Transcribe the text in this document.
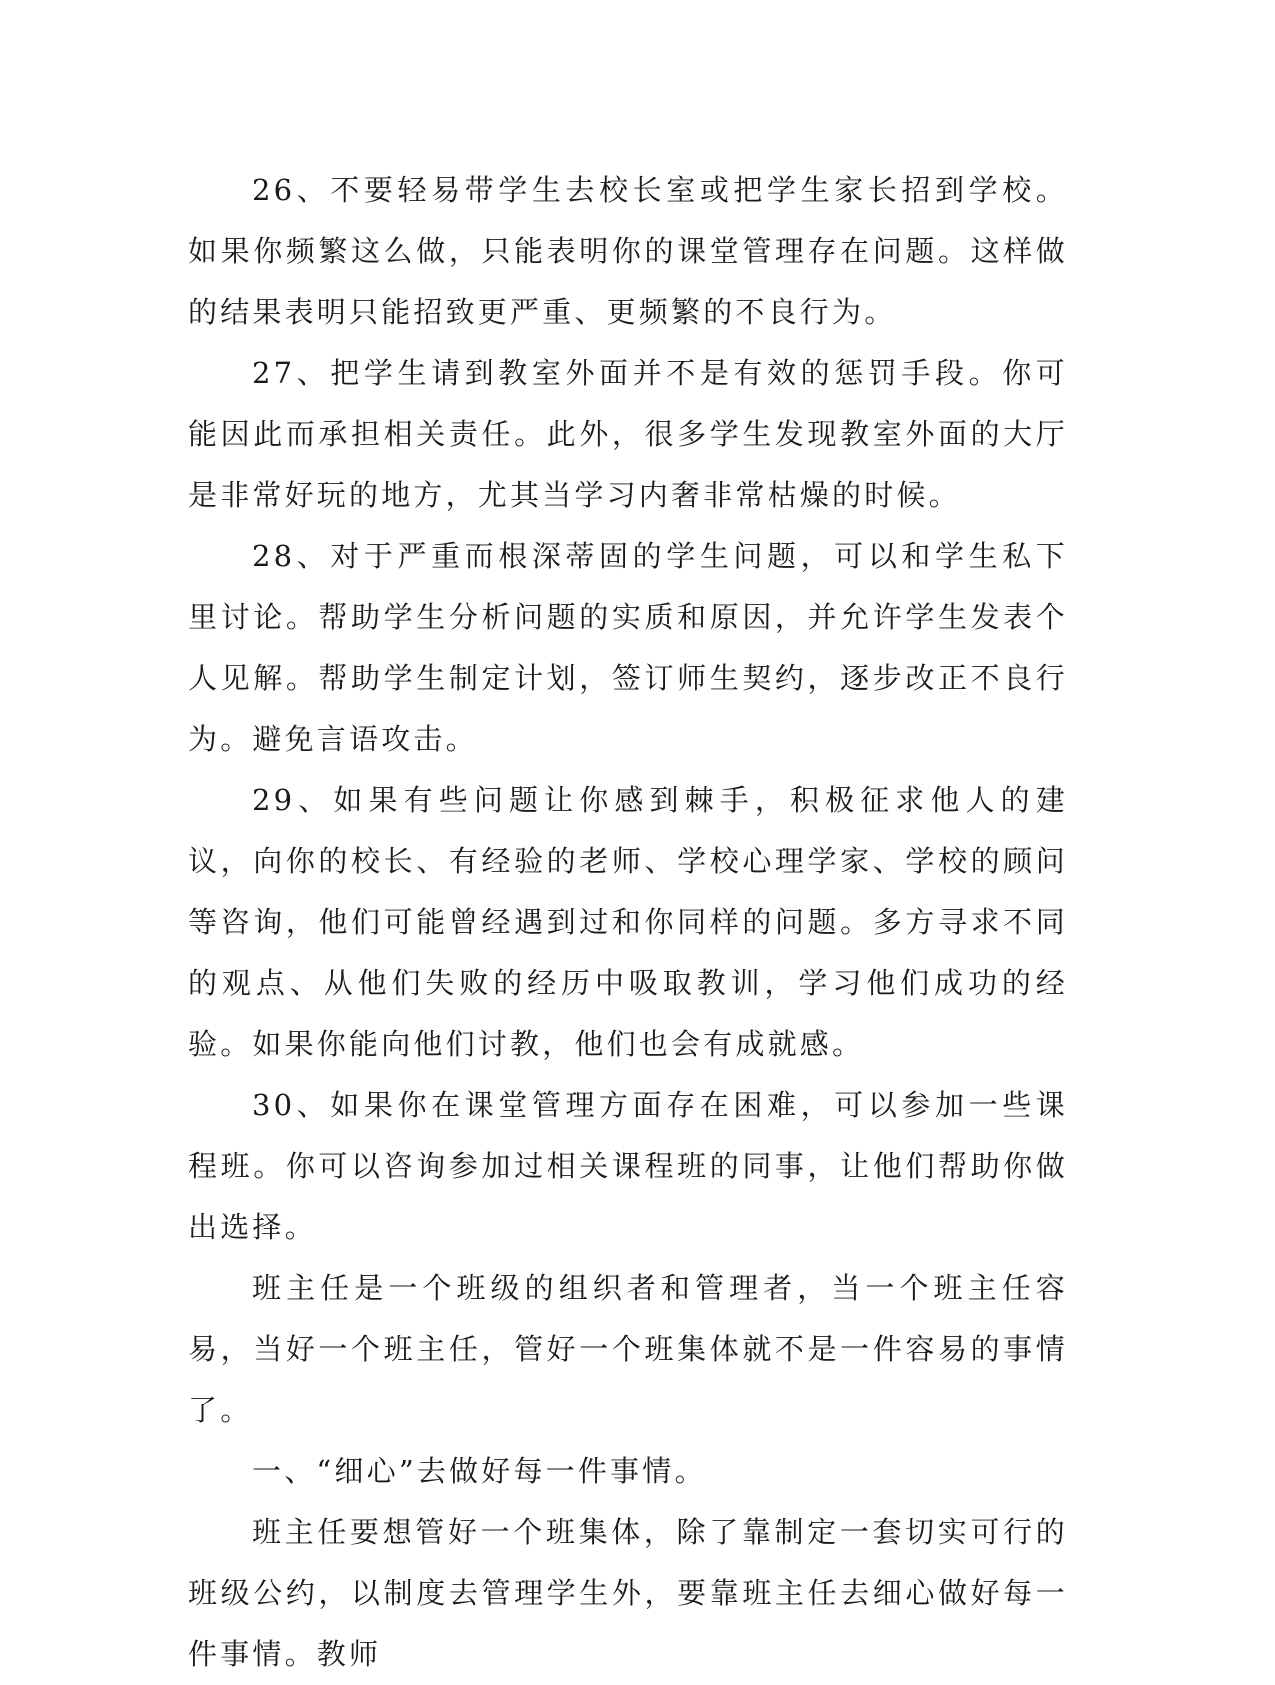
26、不要轻易带学生去校长室或把学生家长招到学校。如果你频繁这么做，只能表明你的课堂管理存在问题。这样做的结果表明只能招致更严重、更频繁的不良行为。

27、把学生请到教室外面并不是有效的惩罚手段。你可能因此而承担相关责任。此外，很多学生发现教室外面的大厅是非常好玩的地方，尤其当学习内奢非常枯燥的时候。

28、对于严重而根深蒂固的学生问题，可以和学生私下里讨论。帮助学生分析问题的实质和原因，并允许学生发表个人见解。帮助学生制定计划，签订师生契约，逐步改正不良行为。避免言语攻击。

29、如果有些问题让你感到棘手，积极征求他人的建议，向你的校长、有经验的老师、学校心理学家、学校的顾问等咨询，他们可能曾经遇到过和你同样的问题。多方寻求不同的观点、从他们失败的经历中吸取教训，学习他们成功的经验。如果你能向他们讨教，他们也会有成就感。

30、如果你在课堂管理方面存在困难，可以参加一些课程班。你可以咨询参加过相关课程班的同事，让他们帮助你做出选择。

班主任是一个班级的组织者和管理者，当一个班主任容易，当好一个班主任，管好一个班集体就不是一件容易的事情了。

一、“细心”去做好每一件事情。

班主任要想管好一个班集体，除了靠制定一套切实可行的班级公约，以制度去管理学生外，要靠班主任去细心做好每一件事情。教师
